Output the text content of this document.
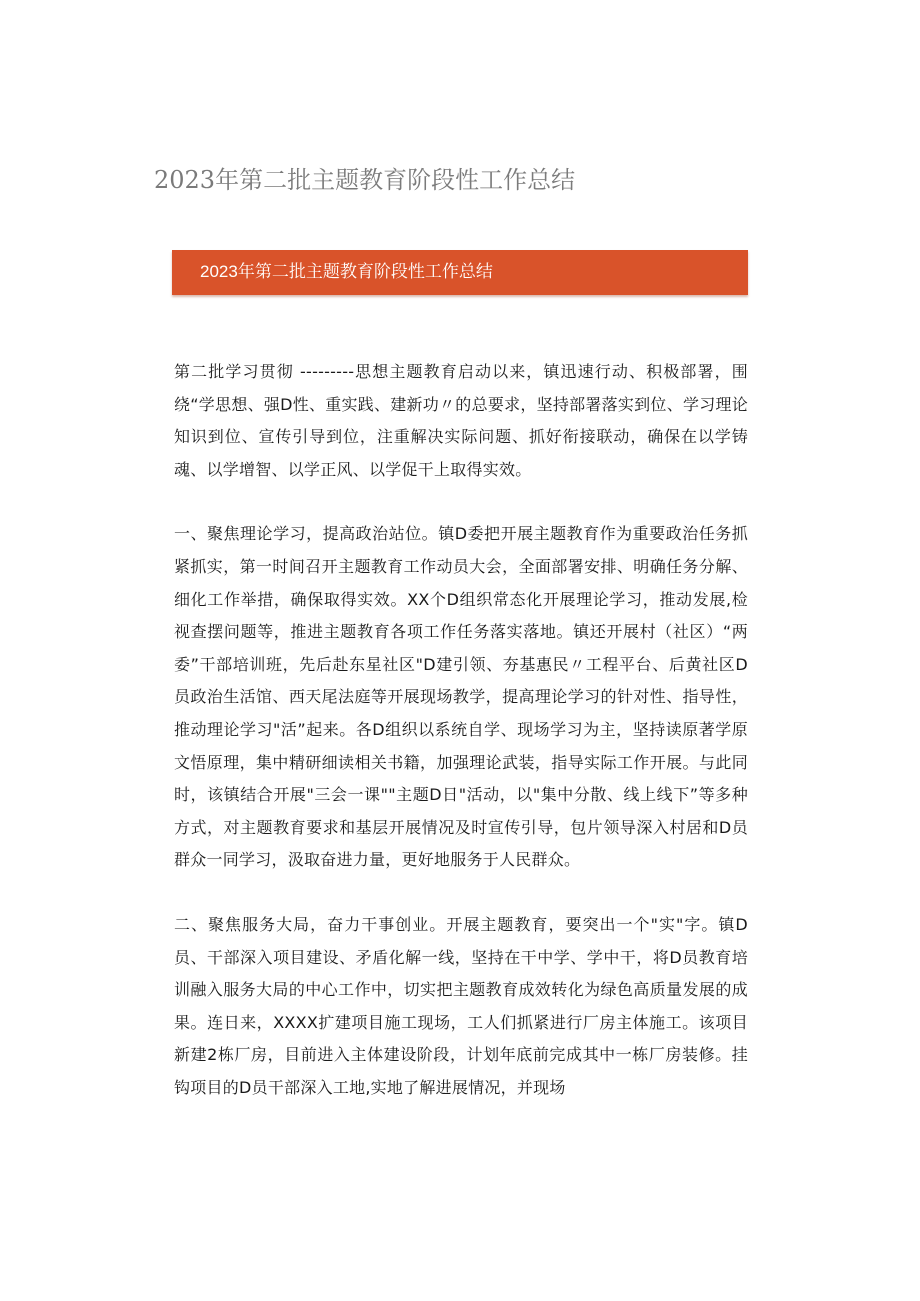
2023年第二批主题教育阶段性工作总结
2023年第二批主题教育阶段性工作总结

第二批学习贯彻 ---------思想主题教育启动以来，镇迅速行动、积极部署，围绕“学思想、强D性、重实践、建新功〃的总要求，坚持部署落实到位、学习理论知识到位、宣传引导到位，注重解决实际问题、抓好衔接联动，确保在以学铸魂、以学增智、以学正风、以学促干上取得实效。

一、聚焦理论学习，提高政治站位。镇D委把开展主题教育作为重要政治任务抓紧抓实，第一时间召开主题教育工作动员大会，全面部署安排、明确任务分解、细化工作举措，确保取得实效。XX个D组织常态化开展理论学习，推动发展,检视查摆问题等，推进主题教育各项工作任务落实落地。镇还开展村（社区）“两委”干部培训班，先后赴东星社区"D建引领、夯基惠民〃工程平台、后黄社区D员政治生活馆、西天尾法庭等开展现场教学，提高理论学习的针对性、指导性，推动理论学习"活”起来。各D组织以系统自学、现场学习为主，坚持读原著学原文悟原理，集中精研细读相关书籍，加强理论武装，指导实际工作开展。与此同时，该镇结合开展"三会一课""主题D日"活动，以"集中分散、线上线下”等多种方式，对主题教育要求和基层开展情况及时宣传引导，包片领导深入村居和D员群众一同学习，汲取奋进力量，更好地服务于人民群众。

二、聚焦服务大局，奋力干事创业。开展主题教育，要突出一个"实"字。镇D员、干部深入项目建设、矛盾化解一线，坚持在干中学、学中干，将D员教育培训融入服务大局的中心工作中，切实把主题教育成效转化为绿色高质量发展的成果。连日来，XXXX扩建项目施工现场，工人们抓紧进行厂房主体施工。该项目新建2栋厂房，目前进入主体建设阶段，计划年底前完成其中一栋厂房装修。挂钩项目的D员干部深入工地,实地了解进展情况，并现场
